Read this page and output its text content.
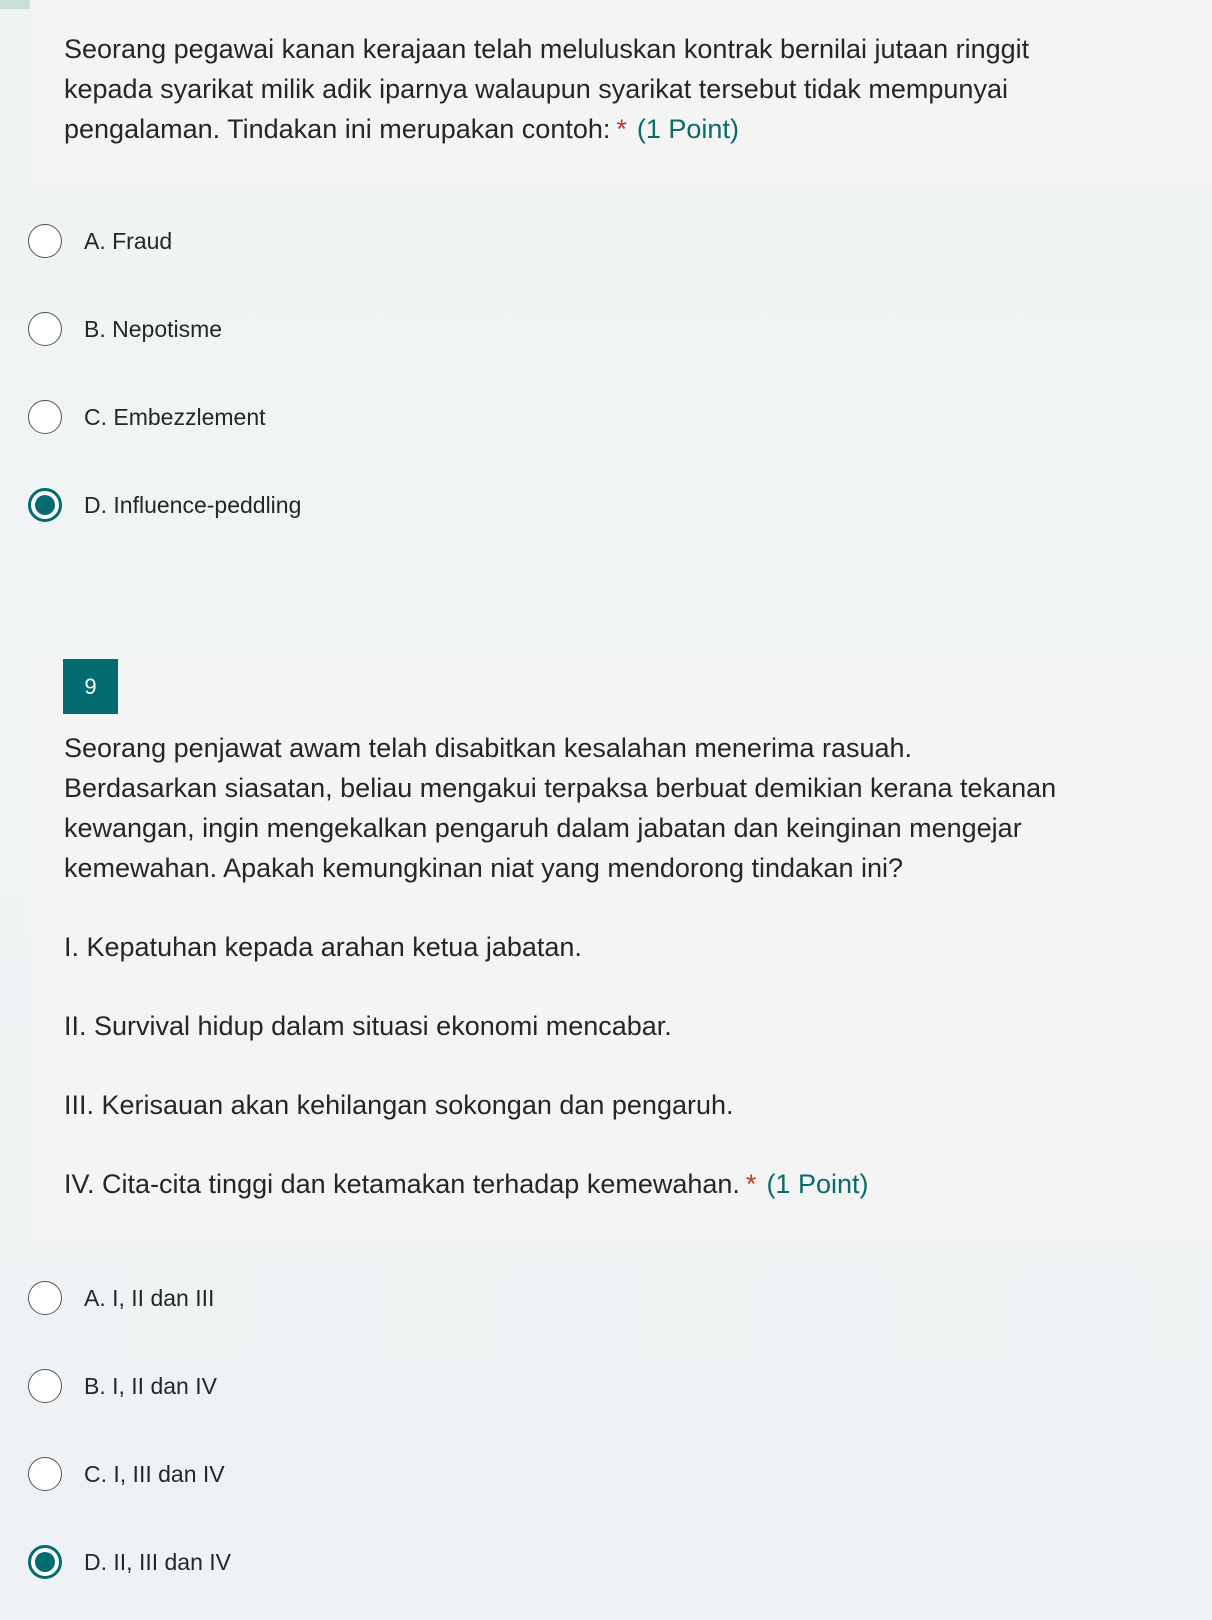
Seorang pegawai kanan kerajaan telah meluluskan kontrak bernilai jutaan ringgit
kepada syarikat milik adik iparnya walaupun syarikat tersebut tidak mempunyai
pengalaman. Tindakan ini merupakan contoh: * (1 Point)
A. Fraud
B. Nepotisme
C. Embezzlement
D. Influence-peddling
9
Seorang penjawat awam telah disabitkan kesalahan menerima rasuah.
Berdasarkan siasatan, beliau mengakui terpaksa berbuat demikian kerana tekanan
kewangan, ingin mengekalkan pengaruh dalam jabatan dan keinginan mengejar
kemewahan. Apakah kemungkinan niat yang mendorong tindakan ini?
I. Kepatuhan kepada arahan ketua jabatan.
II. Survival hidup dalam situasi ekonomi mencabar.
III. Kerisauan akan kehilangan sokongan dan pengaruh.
IV. Cita-cita tinggi dan ketamakan terhadap kemewahan. * (1 Point)
A. I, II dan III
B. I, II dan IV
C. I, III dan IV
D. II, III dan IV
